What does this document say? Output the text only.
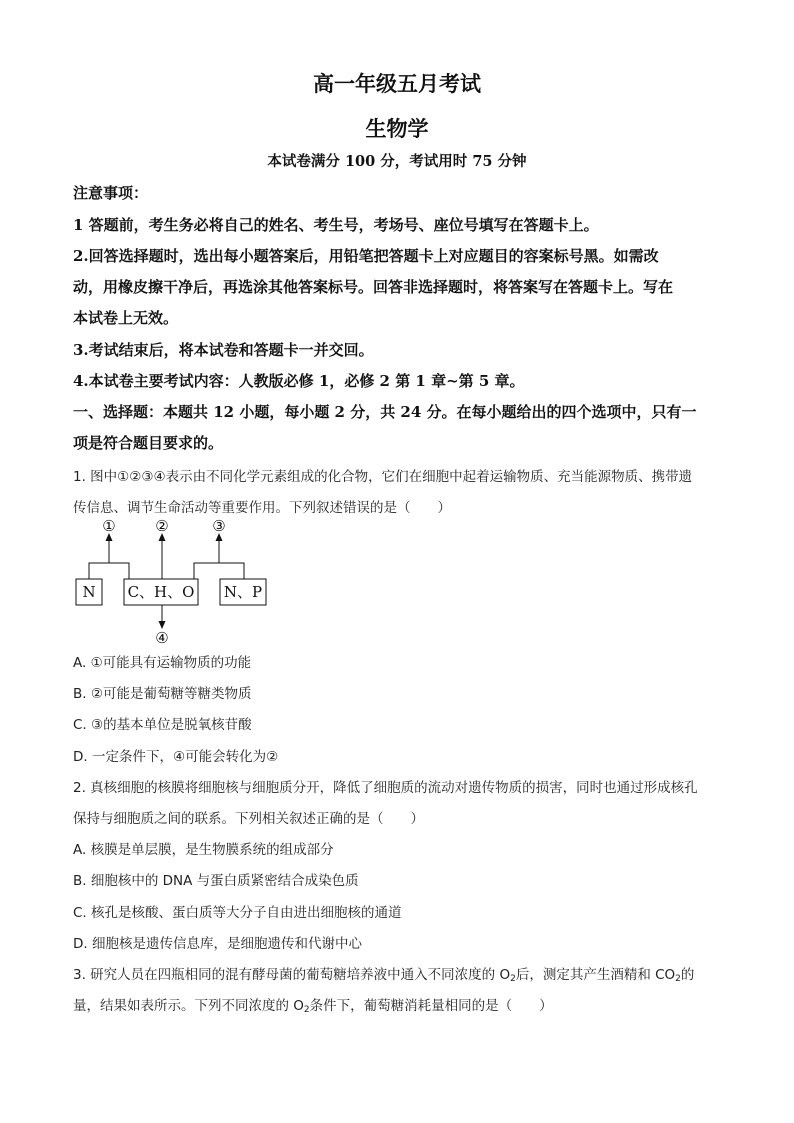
高一年级五月考试
生物学
本试卷满分 100 分，考试用时 75 分钟
注意事项：
1 答题前，考生务必将自己的姓名、考生号，考场号、座位号填写在答题卡上。
2.回答选择题时，选出每小题答案后，用铅笔把答题卡上对应题目的容案标号黑。如需改
动，用橡皮擦干净后，再选涂其他答案标号。回答非选择题时，将答案写在答题卡上。写在
本试卷上无效。
3.考试结束后，将本试卷和答题卡一并交回。
4.本试卷主要考试内容：人教版必修 1，必修 2 第 1 章~第 5 章。
一、选择题：本题共 12 小题，每小题 2 分，共 24 分。在每小题给出的四个选项中，只有一
项是符合题目要求的。
1. 图中①②③④表示由不同化学元素组成的化合物，它们在细胞中起着运输物质、充当能源物质、携带遗
传信息、调节生命活动等重要作用。下列叙述错误的是（　　）
N C、H、O N、P
①	②	③
④
A. ①可能具有运输物质的功能
B. ②可能是葡萄糖等糖类物质
C. ③的基本单位是脱氧核苷酸
D. 一定条件下，④可能会转化为②
2. 真核细胞的核膜将细胞核与细胞质分开，降低了细胞质的流动对遗传物质的损害，同时也通过形成核孔
保持与细胞质之间的联系。下列相关叙述正确的是（　　）
A. 核膜是单层膜，是生物膜系统的组成部分
B. 细胞核中的 DNA 与蛋白质紧密结合成染色质
C. 核孔是核酸、蛋白质等大分子自由进出细胞核的通道
D. 细胞核是遗传信息库，是细胞遗传和代谢中心
3. 研究人员在四瓶相同的混有酵母菌的葡萄糖培养液中通入不同浓度的 $O_2$后，测定其产生酒精和 $CO_2$的
量，结果如表所示。下列不同浓度的 $O_2$条件下，葡萄糖消耗量相同的是（　　）
